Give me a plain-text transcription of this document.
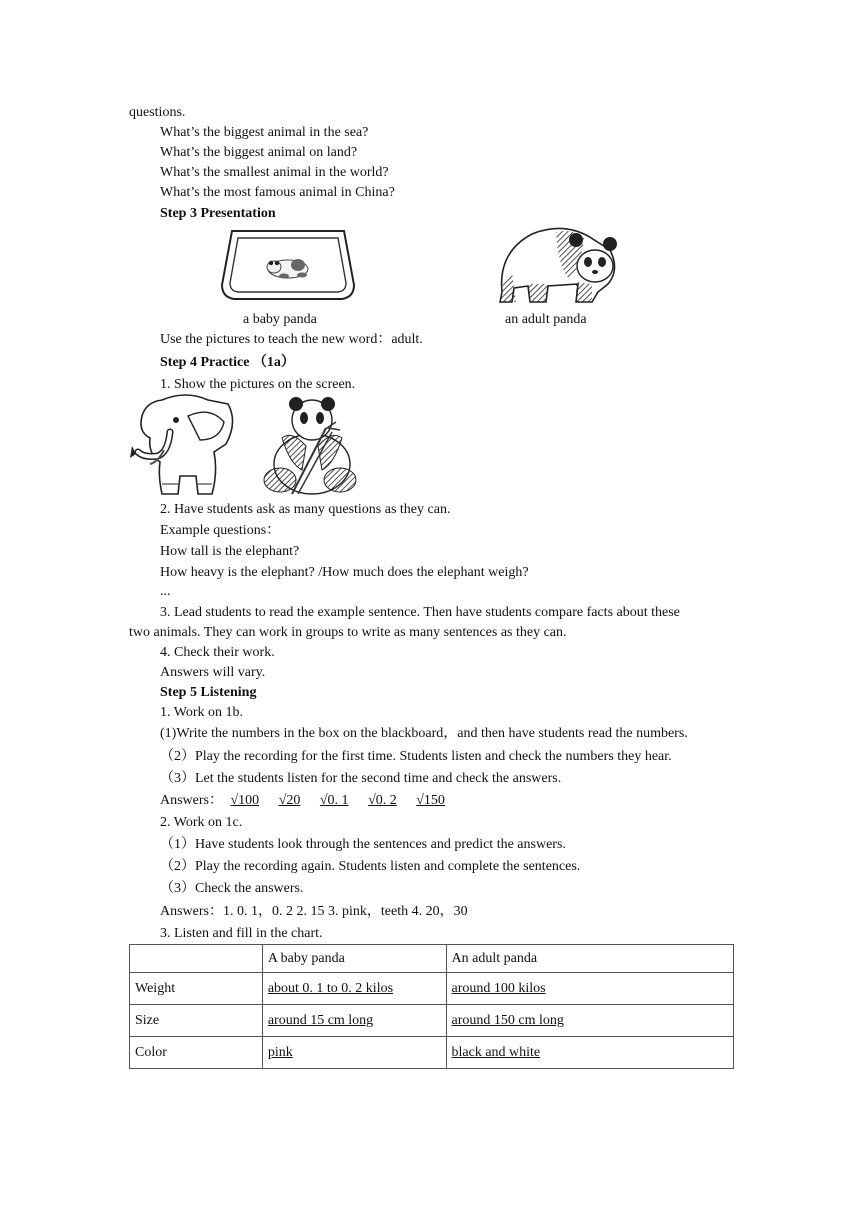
questions.
What’s the biggest animal in the sea?
What’s the biggest animal on land?
What’s the smallest animal in the world?
What’s the most famous animal in China?
Step 3 Presentation
a baby panda	an adult panda
Use the pictures to teach the new word：adult.
Step 4 Practice （1a）
1. Show the pictures on the screen.
2. Have students ask as many questions as they can.
Example questions：
How tall is the elephant?
How heavy is the elephant? /How much does the elephant weigh?
...
3. Lead students to read the example sentence. Then have students compare facts about these
two animals. They can work in groups to write as many sentences as they can.
4. Check their work.
Answers will vary.
Step 5 Listening
1. Work on 1b.
(1)Write the numbers in the box on the blackboard，and then have students read the numbers.
（2）Play the recording for the first time. Students listen and check the numbers they hear.
（3）Let the students listen for the second time and check the answers.
Answers： √100 √20 √0. 1 √0. 2 √150
2. Work on 1c.
（1）Have students look through the sentences and predict the answers.
（2）Play the recording again. Students listen and complete the sentences.
（3）Check the answers.
Answers：1. 0. 1，0. 2 2. 15 3. pink，teeth 4. 20，30
3. Listen and fill in the chart.
	A baby panda	An adult panda
Weight	about 0. 1 to 0. 2 kilos	around 100 kilos
Size	around 15 cm long	around 150 cm long
Color	pink	black and white
